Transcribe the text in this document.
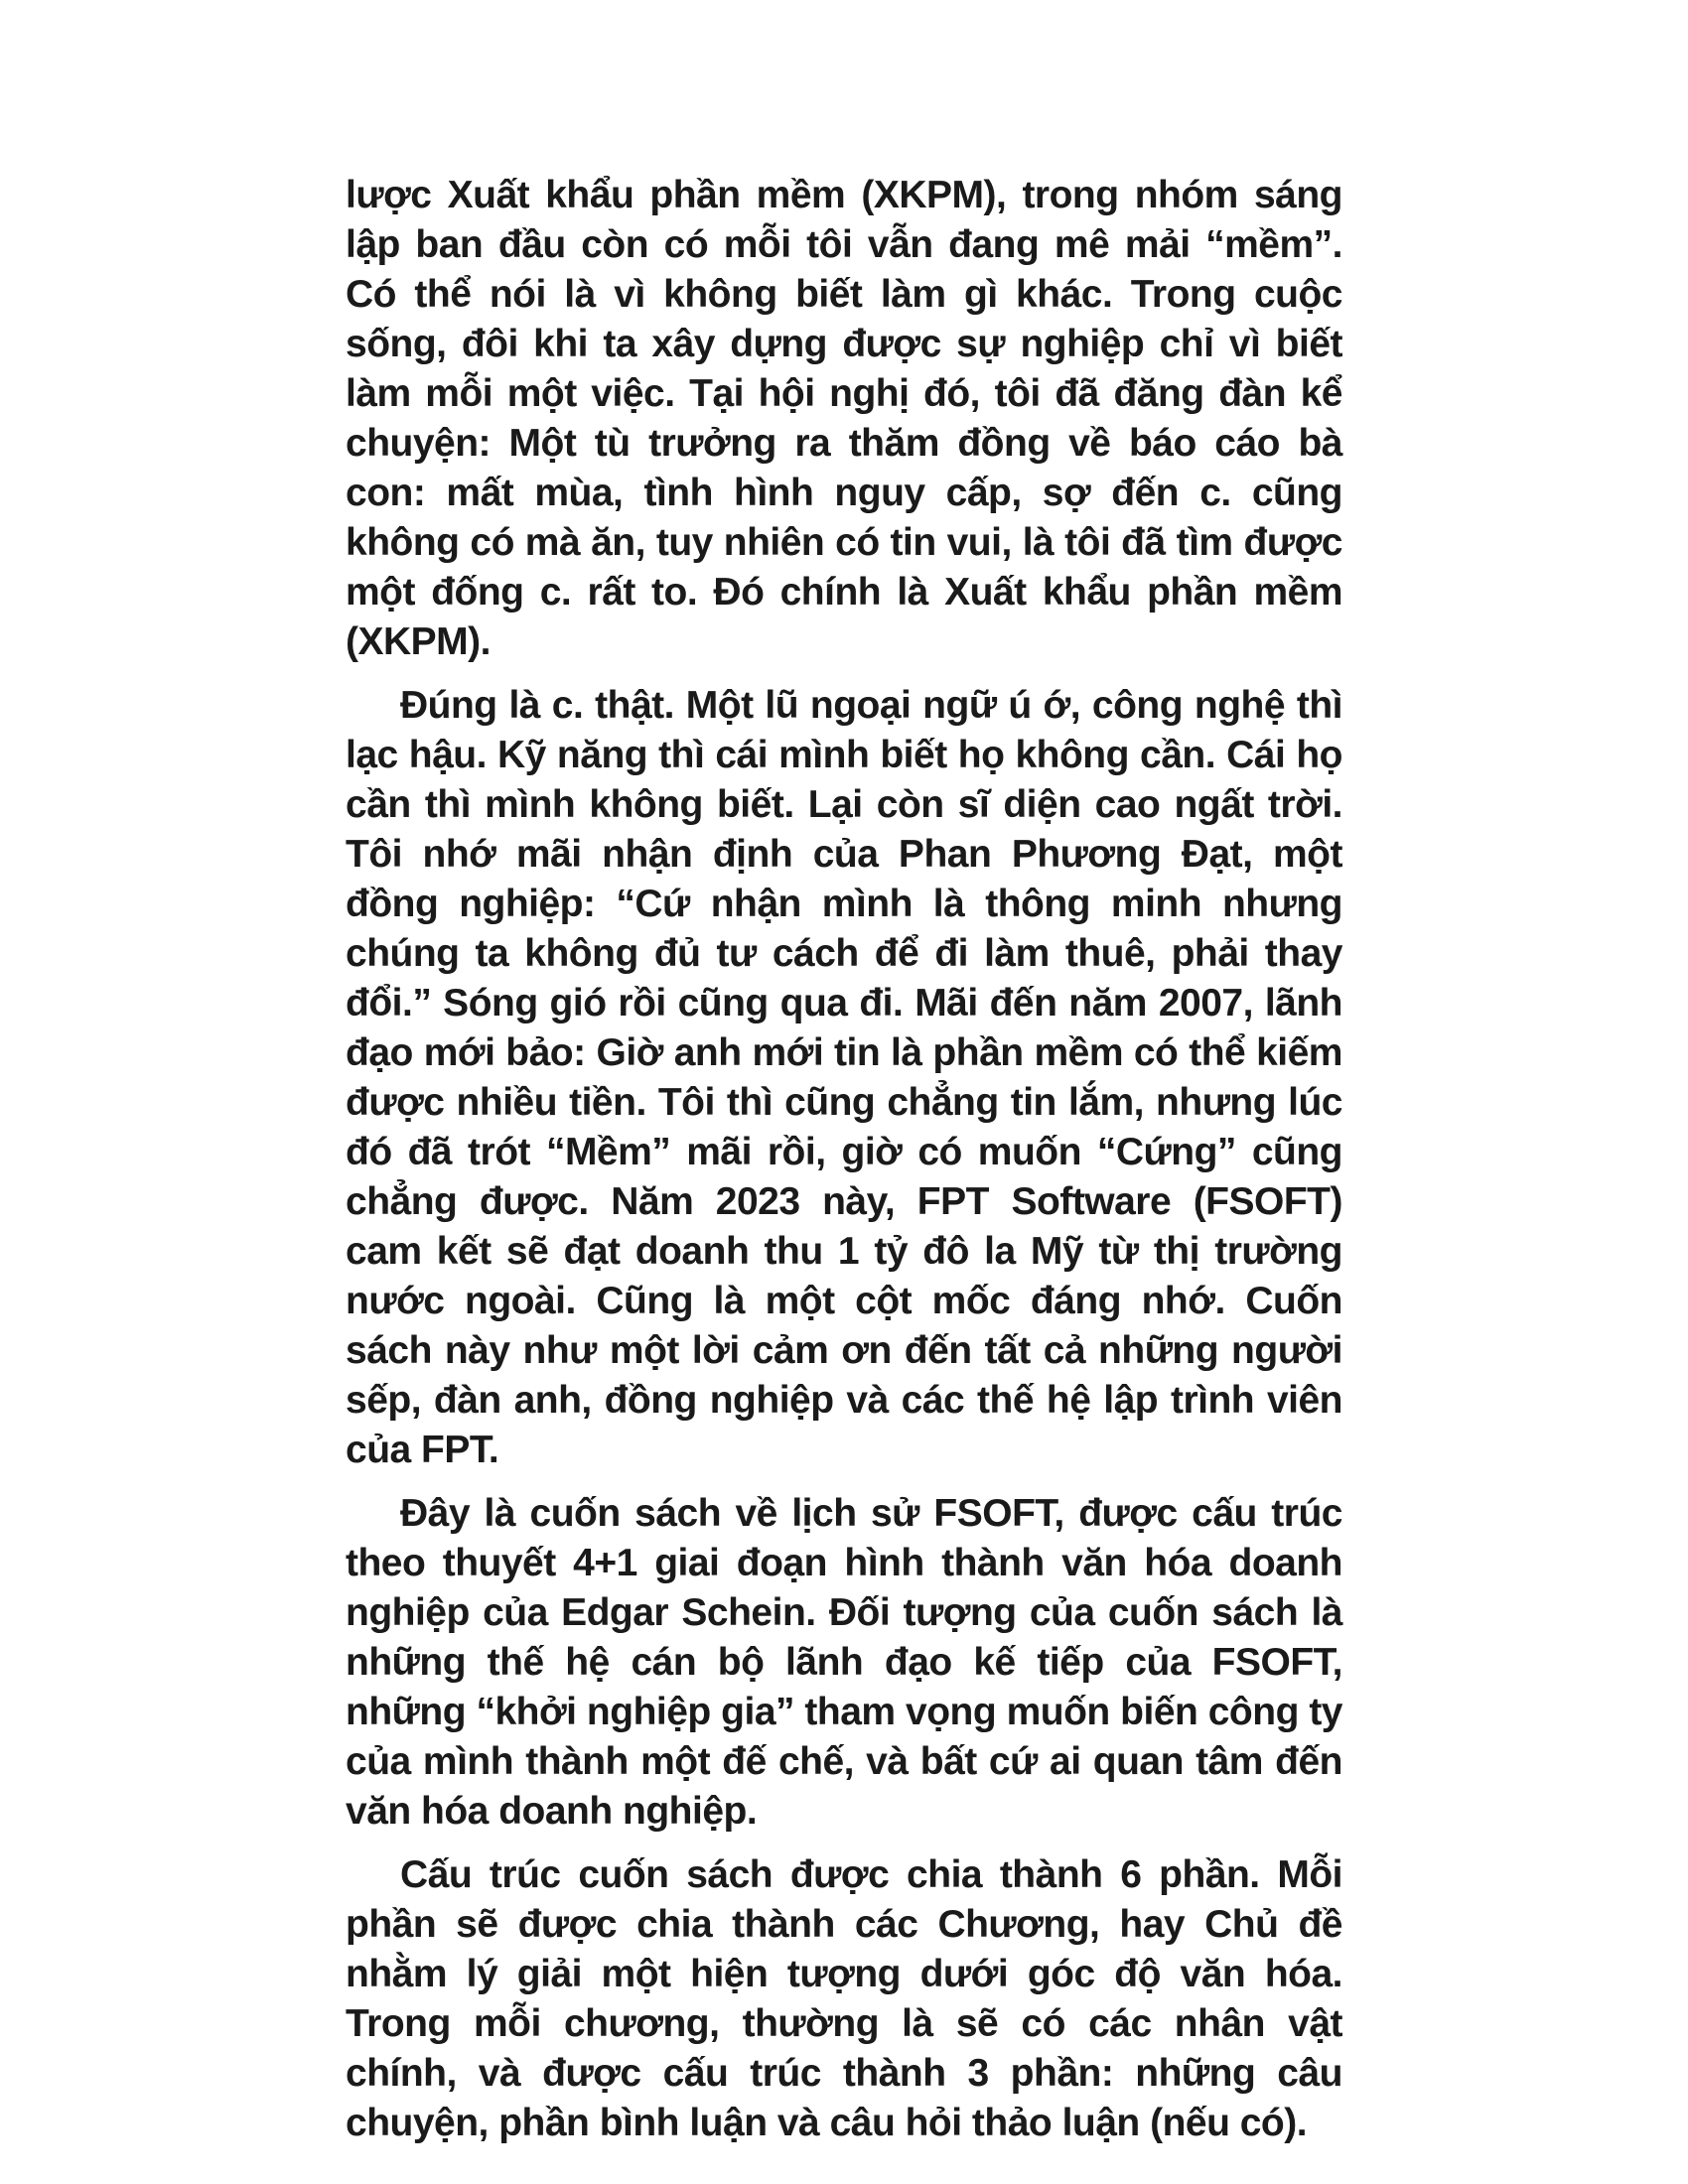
lược Xuất khẩu phần mềm (XKPM), trong nhóm sáng lập ban đầu còn có mỗi tôi vẫn đang mê mải “mềm”. Có thể nói là vì không biết làm gì khác. Trong cuộc sống, đôi khi ta xây dựng được sự nghiệp chỉ vì biết làm mỗi một việc. Tại hội nghị đó, tôi đã đăng đàn kể chuyện: Một tù trưởng ra thăm đồng về báo cáo bà con: mất mùa, tình hình nguy cấp, sợ đến c. cũng không có mà ăn, tuy nhiên có tin vui, là tôi đã tìm được một đống c. rất to. Đó chính là Xuất khẩu phần mềm (XKPM).

Đúng là c. thật. Một lũ ngoại ngữ ú ớ, công nghệ thì lạc hậu. Kỹ năng thì cái mình biết họ không cần. Cái họ cần thì mình không biết. Lại còn sĩ diện cao ngất trời. Tôi nhớ mãi nhận định của Phan Phương Đạt, một đồng nghiệp: “Cứ nhận mình là thông minh nhưng chúng ta không đủ tư cách để đi làm thuê, phải thay đổi.” Sóng gió rồi cũng qua đi. Mãi đến năm 2007, lãnh đạo mới bảo: Giờ anh mới tin là phần mềm có thể kiếm được nhiều tiền. Tôi thì cũng chẳng tin lắm, nhưng lúc đó đã trót “Mềm” mãi rồi, giờ có muốn “Cứng” cũng chẳng được. Năm 2023 này, FPT Software (FSOFT) cam kết sẽ đạt doanh thu 1 tỷ đô la Mỹ từ thị trường nước ngoài. Cũng là một cột mốc đáng nhớ. Cuốn sách này như một lời cảm ơn đến tất cả những người sếp, đàn anh, đồng nghiệp và các thế hệ lập trình viên của FPT.

Đây là cuốn sách về lịch sử FSOFT, được cấu trúc theo thuyết 4+1 giai đoạn hình thành văn hóa doanh nghiệp của Edgar Schein. Đối tượng của cuốn sách là những thế hệ cán bộ lãnh đạo kế tiếp của FSOFT, những “khởi nghiệp gia” tham vọng muốn biến công ty của mình thành một đế chế, và bất cứ ai quan tâm đến văn hóa doanh nghiệp.

Cấu trúc cuốn sách được chia thành 6 phần. Mỗi phần sẽ được chia thành các Chương, hay Chủ đề nhằm lý giải một hiện tượng dưới góc độ văn hóa. Trong mỗi chương, thường là sẽ có các nhân vật chính, và được cấu trúc thành 3 phần: những câu chuyện, phần bình luận và câu hỏi thảo luận (nếu có).
